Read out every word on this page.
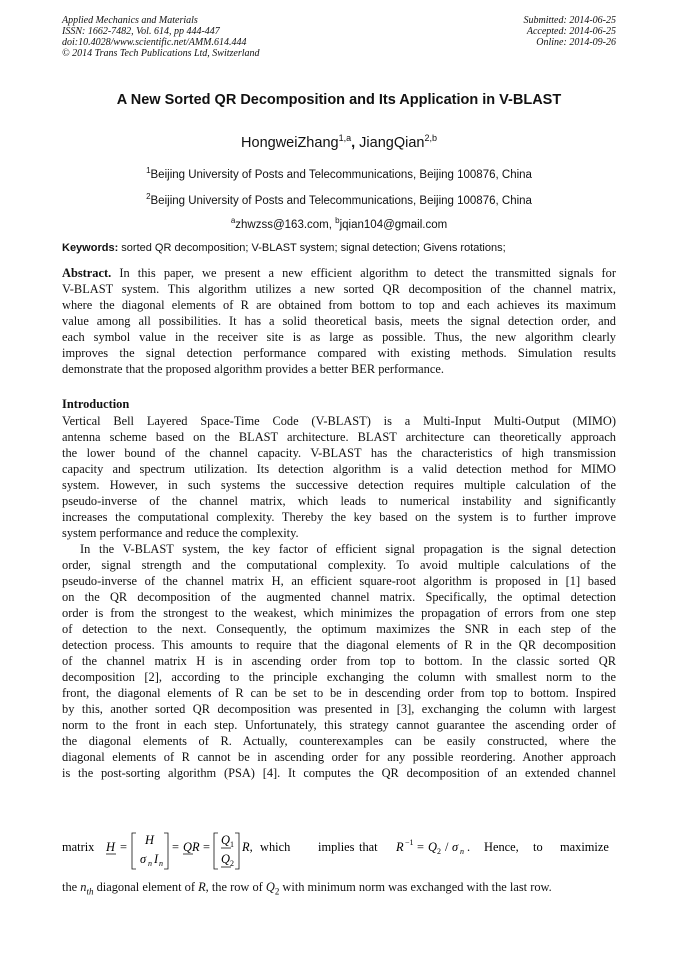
Applied Mechanics and Materials
ISSN: 1662-7482, Vol. 614, pp 444-447
doi:10.4028/www.scientific.net/AMM.614.444
© 2014 Trans Tech Publications Ltd, Switzerland
Submitted: 2014-06-25
Accepted: 2014-06-25
Online: 2014-09-26
A New Sorted QR Decomposition and Its Application in V-BLAST
HongweiZhang$^{1,a}$, JiangQian$^{2,b}$
$^1$Beijing University of Posts and Telecommunications, Beijing 100876, China
$^2$Beijing University of Posts and Telecommunications, Beijing 100876, China
$^a$zhwzss@163.com, $^b$jqian104@gmail.com
Keywords: sorted QR decomposition; V-BLAST system; signal detection; Givens rotations;
Abstract. In this paper, we present a new efficient algorithm to detect the transmitted signals for
V-BLAST system. This algorithm utilizes a new sorted QR decomposition of the channel matrix,
where the diagonal elements of R are obtained from bottom to top and each achieves its maximum
value among all possibilities. It has a solid theoretical basis, meets the signal detection order, and
each symbol value in the receiver site is as large as possible. Thus, the new algorithm clearly
improves the signal detection performance compared with existing methods. Simulation results
demonstrate that the proposed algorithm provides a better BER performance.
Introduction
Vertical Bell Layered Space-Time Code (V-BLAST) is a Multi-Input Multi-Output (MIMO)
antenna scheme based on the BLAST architecture. BLAST architecture can theoretically approach
the lower bound of the channel capacity. V-BLAST has the characteristics of high transmission
capacity and spectrum utilization. Its detection algorithm is a valid detection method for MIMO
system. However, in such systems the successive detection requires multiple calculation of the
pseudo-inverse of the channel matrix, which leads to numerical instability and significantly
increases the computational complexity. Thereby the key based on the system is to further improve
system performance and reduce the complexity.
In the V-BLAST system, the key factor of efficient signal propagation is the signal detection
order, signal strength and the computational complexity. To avoid multiple calculations of the
pseudo-inverse of the channel matrix H, an efficient square-root algorithm is proposed in [1] based
on the QR decomposition of the augmented channel matrix. Specifically, the optimal detection
order is from the strongest to the weakest, which minimizes the propagation of errors from one step
of detection to the next. Consequently, the optimum maximizes the SNR in each step of the
detection process. This amounts to require that the diagonal elements of R in the QR decomposition
of the channel matrix H is in ascending order from top to bottom. In the classic sorted QR
decomposition [2], according to the principle exchanging the column with smallest norm to the
front, the diagonal elements of R can be set to be in descending order from top to bottom. Inspired
by this, another sorted QR decomposition was presented in [3], exchanging the column with largest
norm to the front in each step. Unfortunately, this strategy cannot guarantee the ascending order of
the diagonal elements of R. Actually, counterexamples can be easily constructed, where the
diagonal elements of R cannot be in ascending order for any possible reordering. Another approach
is the post-sorting algorithm (PSA) [4]. It computes the QR decomposition of an extended channel
matrix H = H
σ n I n
= QR = Q 1
Q 2
R, which implies that R −1 = Q 2 / σ n . Hence, to maximize
the $n_{th}$ diagonal element of R, the row of $Q_2$ with minimum norm was exchanged with the last row.
